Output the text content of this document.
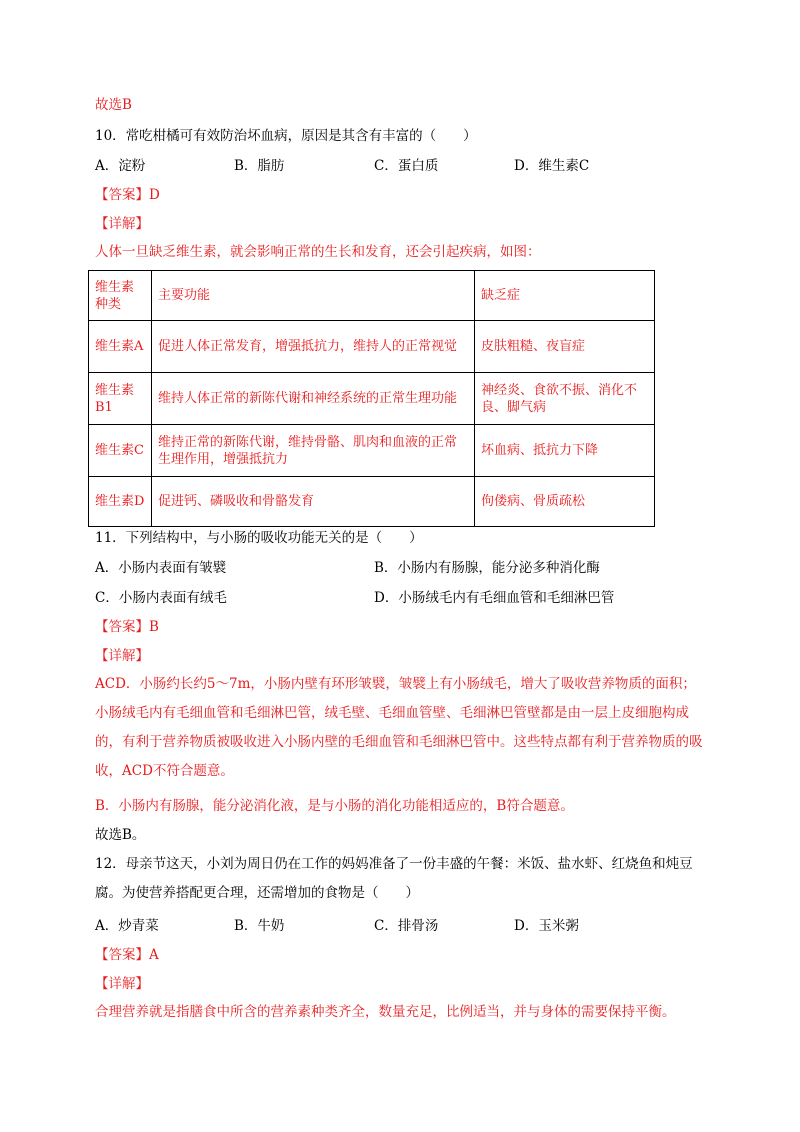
故选B
10．常吃柑橘可有效防治坏血病，原因是其含有丰富的（　　）
A．淀粉	B．脂肪	C．蛋白质	D．维生素C
【答案】D
【详解】
人体一旦缺乏维生素，就会影响正常的生长和发育，还会引起疾病，如图：
维生素种类	主要功能	缺乏症
维生素A	促进人体正常发育，增强抵抗力，维持人的正常视觉	皮肤粗糙、夜盲症
维生素B1	维持人体正常的新陈代谢和神经系统的正常生理功能	神经炎、食欲不振、消化不良、脚气病
维生素C	维持正常的新陈代谢，维持骨骼、肌肉和血液的正常生理作用，增强抵抗力	坏血病、抵抗力下降
维生素D	促进钙、磷吸收和骨骼发育	佝偻病、骨质疏松
11．下列结构中，与小肠的吸收功能无关的是（　　）
A．小肠内表面有皱襞	B．小肠内有肠腺，能分泌多种消化酶
C．小肠内表面有绒毛	D．小肠绒毛内有毛细血管和毛细淋巴管
【答案】B
【详解】
ACD．小肠约长约5～7m，小肠内壁有环形皱襞，皱襞上有小肠绒毛，增大了吸收营养物质的面积；小肠绒毛内有毛细血管和毛细淋巴管，绒毛壁、毛细血管壁、毛细淋巴管壁都是由一层上皮细胞构成的，有利于营养物质被吸收进入小肠内壁的毛细血管和毛细淋巴管中。这些特点都有利于营养物质的吸收，ACD不符合题意。
B．小肠内有肠腺，能分泌消化液，是与小肠的消化功能相适应的，B符合题意。
故选B。
12．母亲节这天，小刘为周日仍在工作的妈妈准备了一份丰盛的午餐：米饭、盐水虾、红烧鱼和炖豆腐。为使营养搭配更合理，还需增加的食物是（　　）
A．炒青菜	B．牛奶	C．排骨汤	D．玉米粥
【答案】A
【详解】
合理营养就是指膳食中所含的营养素种类齐全，数量充足，比例适当，并与身体的需要保持平衡。
